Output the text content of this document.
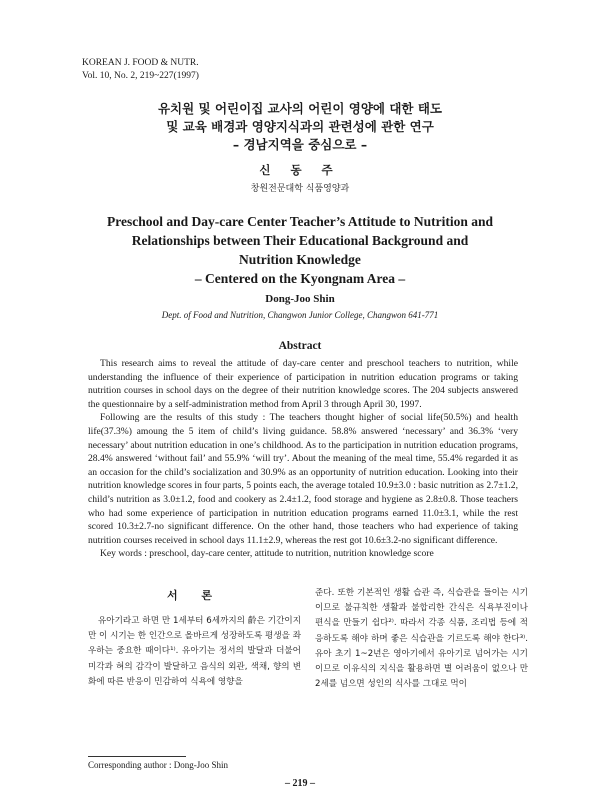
KOREAN J. FOOD & NUTR.
Vol. 10, No. 2, 219~227(1997)
유치원 및 어린이집 교사의 어린이 영양에 대한 태도
및 교육 배경과 영양지식과의 관련성에 관한 연구
– 경남지역을 중심으로 –
신 동 주
창원전문대학 식품영양과
Preschool and Day-care Center Teacher’s Attitude to Nutrition and
Relationships between Their Educational Background and
Nutrition Knowledge
– Centered on the Kyongnam Area –
Dong-Joo Shin
Dept. of Food and Nutrition, Changwon Junior College, Changwon 641-771
Abstract

This research aims to reveal the attitude of day-care center and preschool teachers to nutrition, while understanding the influence of their experience of participation in nutrition education programs or taking nutrition courses in school days on the degree of their nutrition knowledge scores. The 204 subjects answered the questionnaire by a self-administration method from April 3 through April 30, 1997.

Following are the results of this study : The teachers thought higher of social life(50.5%) and health life(37.3%) amoung the 5 item of child’s living guidance. 58.8% answered ‘necessary’ and 36.3% ‘very necessary’ about nutrition education in one’s childhood. As to the participation in nutrition education programs, 28.4% answered ‘without fail’ and 55.9% ‘will try’. About the meaning of the meal time, 55.4% regarded it as an occasion for the child’s socialization and 30.9% as an opportunity of nutrition education. Looking into their nutrition knowledge scores in four parts, 5 points each, the average totaled 10.9±3.0 : basic nutrition as 2.7±1.2, child’s nutrition as 3.0±1.2, food and cookery as 2.4±1.2, food storage and hygiene as 2.8±0.8. Those teachers who had some experience of participation in nutrition education programs earned 11.0±3.1, while the rest scored 10.3±2.7-no significant difference. On the other hand, those teachers who had experience of taking nutrition courses received in school days 11.1±2.9, whereas the rest got 10.6±3.2-no significant difference.

Key words : preschool, day-care center, attitude to nutrition, nutrition knowledge score

서 론

유아기라고 하면 만 1세부터 6세까지의 齡은 기간이지만 이 시기는 한 인간으로 올바르게 성장하도록 평생을 좌우하는 중요한 때이다¹⁾. 유아기는 정서의 발달과 더불어 미각과 혀의 감각이 발달하고 음식의 외관, 색채, 향의 변화에 따른 반응이 민감하여 식욕에 영향을

준다. 또한 기본적인 생활 습관 즉, 식습관을 들이는 시기이므로 불규칙한 생활과 불합리한 간식은 식욕부진이나 편식을 만들기 쉽다²⁾. 따라서 각종 식품, 조리법 등에 적응하도록 해야 하며 좋은 식습관을 기르도록 해야 한다³⁾. 유아 초기 1~2년은 영아기에서 유아기로 넘어가는 시기이므로 이유식의 지식을 활용하면 별 어려움이 없으나 만 2세를 넘으면 성인의 식사를 그대로 먹이

Corresponding author : Dong-Joo Shin
– 219 –
